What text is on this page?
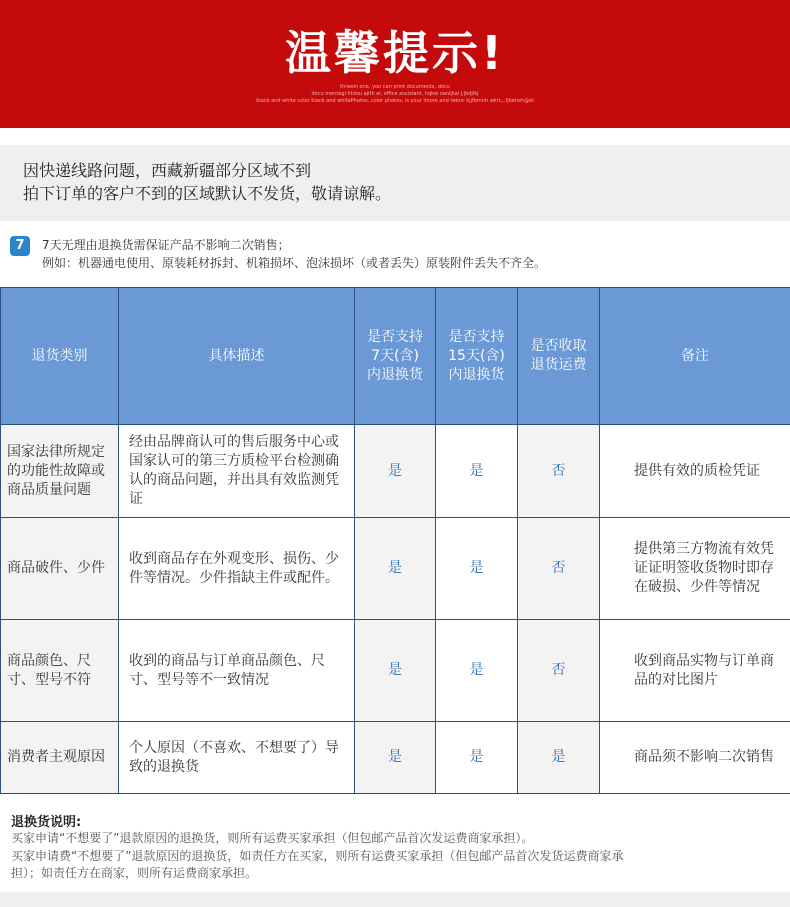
温馨提示!
threein one, you can print documents, docu
docu mentegi htdou ajith ei, office assistant, hqkw oanljkal j;jbdjlkj
black and white color black and whitePhotos, color photos, is your Imore and iwknc kjjfbmnh wkrt,,,fjbeheh@ei

因快递线路问题，西藏新疆部分区域不到

拍下订单的客户不到的区域默认不发货，敬请谅解。

7	7天无理由退换货需保证产品不影响二次销售；
例如：机器通电使用、原装耗材拆封、机箱损坏、泡沫损坏（或者丢失）原装附件丢失不齐全。
退货类别	具体描述	是否支持
7天(含)
内退换货	是否支持
15天(含)
内退换货	是否收取
退货运费	备注
国家法律所规定的功能性故障或商品质量问题	经由品牌商认可的售后服务中心或国家认可的第三方质检平台检测确认的商品问题，并出具有效监测凭证	是	是	否	提供有效的质检凭证
商品破件、少件	收到商品存在外观变形、损伤、少件等情况。少件指缺主件或配件。	是	是	否	提供第三方物流有效凭证证明签收货物时即存在破损、少件等情况
商品颜色、尺寸、型号不符	收到的商品与订单商品颜色、尺寸、型号等不一致情况	是	是	否	收到商品实物与订单商品的对比图片
消费者主观原因	个人原因（不喜欢、不想要了）导致的退换货	是	是	是	商品须不影响二次销售
退换货说明:
买家申请“不想要了”退款原因的退换货，则所有运费买家承担（但包邮产品首次发运费商家承担）。
买家申请费“不想要了”退款原因的退换货，如责任方在买家，则所有运费买家承担（但包邮产品首次发货运费商家承
担）；如责任方在商家，则所有运费商家承担。
